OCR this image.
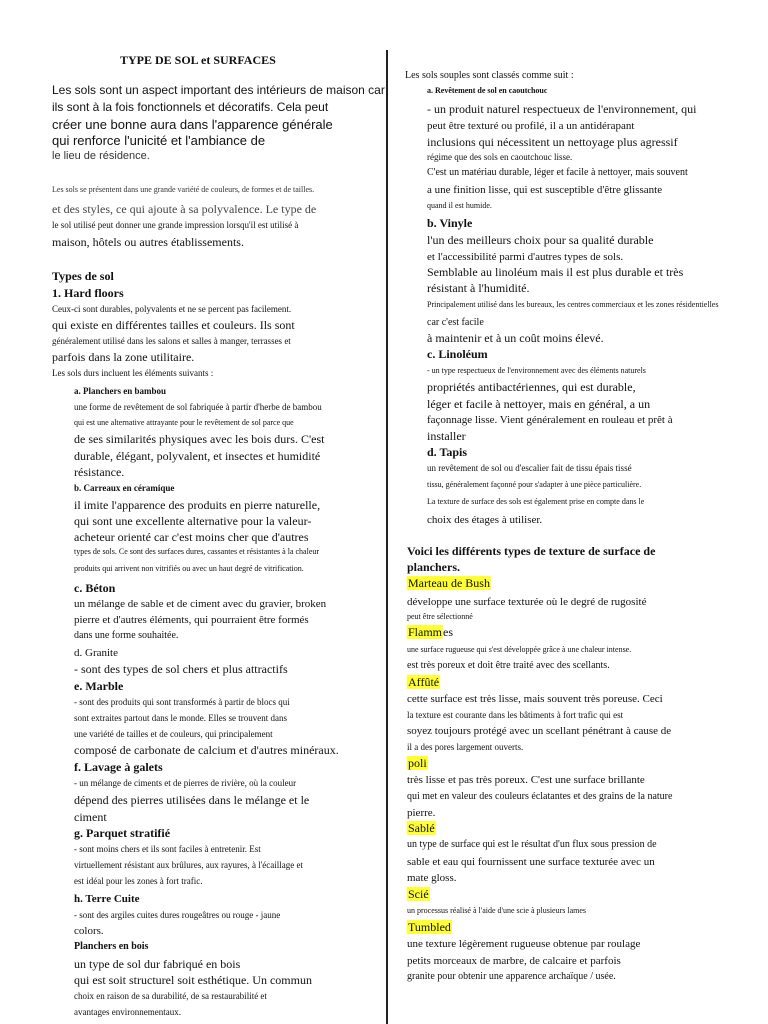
TYPE DE SOL et SURFACES
Les sols sont un aspect important des intérieurs de maison car
ils sont à la fois fonctionnels et décoratifs. Cela peut
créer une bonne aura dans l'apparence générale
qui renforce l'unicité et l'ambiance de
le lieu de résidence.
Les sols se présentent dans une grande variété de couleurs, de formes et de tailles.
et des styles, ce qui ajoute à sa polyvalence. Le type de
le sol utilisé peut donner une grande impression lorsqu'il est utilisé à
maison, hôtels ou autres établissements.
Types de sol
1. Hard floors
Ceux-ci sont durables, polyvalents et ne se percent pas facilement.
qui existe en différentes tailles et couleurs. Ils sont
généralement utilisé dans les salons et salles à manger, terrasses et
parfois dans la zone utilitaire.
Les sols durs incluent les éléments suivants :
a. Planchers en bambou
une forme de revêtement de sol fabriquée à partir d'herbe de bambou
qui est une alternative attrayante pour le revêtement de sol parce que
de ses similarités physiques avec les bois durs. C'est
durable, élégant, polyvalent, et insectes et humidité
résistance.
b. Carreaux en céramique
il imite l'apparence des produits en pierre naturelle,
qui sont une excellente alternative pour la valeur-
acheteur orienté car c'est moins cher que d'autres
types de sols. Ce sont des surfaces dures, cassantes et résistantes à la chaleur
produits qui arrivent non vitrifiés ou avec un haut degré de vitrification.
c. Béton
un mélange de sable et de ciment avec du gravier, broken
pierre et d'autres éléments, qui pourraient être formés
dans une forme souhaitée.
d. Granite
- sont des types de sol chers et plus attractifs
e. Marble
- sont des produits qui sont transformés à partir de blocs qui
sont extraites partout dans le monde. Elles se trouvent dans
une variété de tailles et de couleurs, qui principalement
composé de carbonate de calcium et d'autres minéraux.
f. Lavage à galets
- un mélange de ciments et de pierres de rivière, où la couleur
dépend des pierres utilisées dans le mélange et le
ciment
g. Parquet stratifié
- sont moins chers et ils sont faciles à entretenir. Est
virtuellement résistant aux brûlures, aux rayures, à l'écaillage et
est idéal pour les zones à fort trafic.
h. Terre Cuite
- sont des argiles cuites dures rougeâtres ou rouge - jaune
colors.
Planchers en bois
un type de sol dur fabriqué en bois
qui est soit structurel soit esthétique. Un commun
choix en raison de sa durabilité, de sa restaurabilité et
avantages environnementaux.
Les sols souples sont classés comme suit :
a. Revêtement de sol en caoutchouc
- un produit naturel respectueux de l'environnement, qui
peut être texturé ou profilé, il a un antidérapant
inclusions qui nécessitent un nettoyage plus agressif
régime que des sols en caoutchouc lisse.
C'est un matériau durable, léger et facile à nettoyer, mais souvent
a une finition lisse, qui est susceptible d'être glissante
quand il est humide.
b. Vinyle
l'un des meilleurs choix pour sa qualité durable
et l'accessibilité parmi d'autres types de sols.
Semblable au linoléum mais il est plus durable et très
résistant à l'humidité.
Principalement utilisé dans les bureaux, les centres commerciaux et les zones résidentielles
car c'est facile
à maintenir et à un coût moins élevé.
c. Linoléum
- un type respectueux de l'environnement avec des éléments naturels
propriétés antibactériennes, qui est durable,
léger et facile à nettoyer, mais en général, a un
façonnage lisse. Vient généralement en rouleau et prêt à
installer
d. Tapis
un revêtement de sol ou d'escalier fait de tissu épais tissé
tissu, généralement façonné pour s'adapter à une pièce particulière.
La texture de surface des sols est également prise en compte dans le
choix des étages à utiliser.
Voici les différents types de texture de surface de
planchers.
Marteau de Bush
développe une surface texturée où le degré de rugosité
peut être sélectionné
Flammes
une surface rugueuse qui s'est développée grâce à une chaleur intense.
est très poreux et doit être traité avec des scellants.
Affûté
cette surface est très lisse, mais souvent très poreuse. Ceci
la texture est courante dans les bâtiments à fort trafic qui est
soyez toujours protégé avec un scellant pénétrant à cause de
il a des pores largement ouverts.
poli
très lisse et pas très poreux. C'est une surface brillante
qui met en valeur des couleurs éclatantes et des grains de la nature
pierre.
Sablé
un type de surface qui est le résultat d'un flux sous pression de
sable et eau qui fournissent une surface texturée avec un
mate gloss.
Scié
un processus réalisé à l'aide d'une scie à plusieurs lames
Tumbled
une texture légèrement rugueuse obtenue par roulage
petits morceaux de marbre, de calcaire et parfois
granite pour obtenir une apparence archaïque / usée.
